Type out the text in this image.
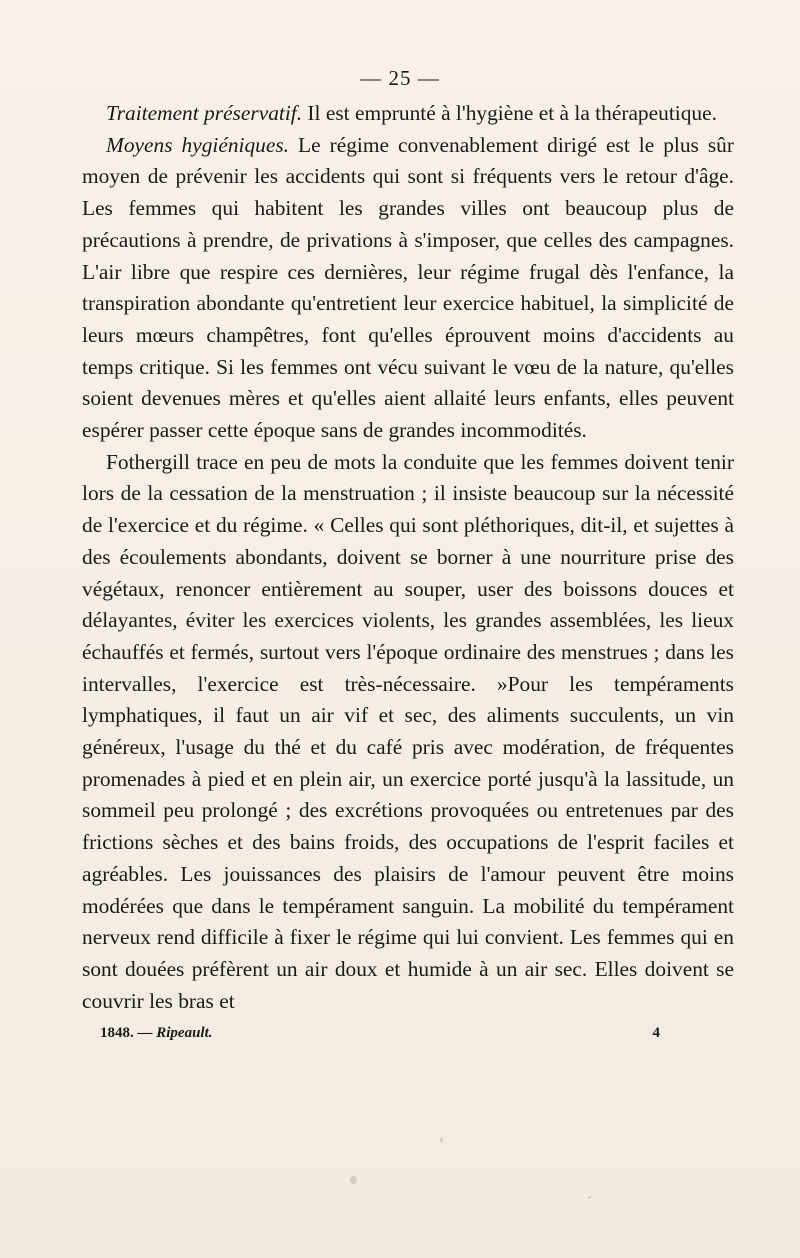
— 25 —

Traitement préservatif. Il est emprunté à l'hygiène et à la thérapeutique.

Moyens hygiéniques. Le régime convenablement dirigé est le plus sûr moyen de prévenir les accidents qui sont si fréquents vers le retour d'âge. Les femmes qui habitent les grandes villes ont beaucoup plus de précautions à prendre, de privations à s'imposer, que celles des campagnes. L'air libre que respire ces dernières, leur régime frugal dès l'enfance, la transpiration abondante qu'entretient leur exercice habituel, la simplicité de leurs mœurs champêtres, font qu'elles éprouvent moins d'accidents au temps critique. Si les femmes ont vécu suivant le vœu de la nature, qu'elles soient devenues mères et qu'elles aient allaité leurs enfants, elles peuvent espérer passer cette époque sans de grandes incommodités.

Fothergill trace en peu de mots la conduite que les femmes doivent tenir lors de la cessation de la menstruation ; il insiste beaucoup sur la nécessité de l'exercice et du régime. « Celles qui sont pléthoriques, dit-il, et sujettes à des écoulements abondants, doivent se borner à une nourriture prise des végétaux, renoncer entièrement au souper, user des boissons douces et délayantes, éviter les exercices violents, les grandes assemblées, les lieux échauffés et fermés, surtout vers l'époque ordinaire des menstrues ; dans les intervalles, l'exercice est très-nécessaire. »Pour les tempéraments lymphatiques, il faut un air vif et sec, des aliments succulents, un vin généreux, l'usage du thé et du café pris avec modération, de fréquentes promenades à pied et en plein air, un exercice porté jusqu'à la lassitude, un sommeil peu prolongé ; des excrétions provoquées ou entretenues par des frictions sèches et des bains froids, des occupations de l'esprit faciles et agréables. Les jouissances des plaisirs de l'amour peuvent être moins modérées que dans le tempérament sanguin. La mobilité du tempérament nerveux rend difficile à fixer le régime qui lui convient. Les femmes qui en sont douées préfèrent un air doux et humide à un air sec. Elles doivent se couvrir les bras et

1848. — Ripeault.	4
